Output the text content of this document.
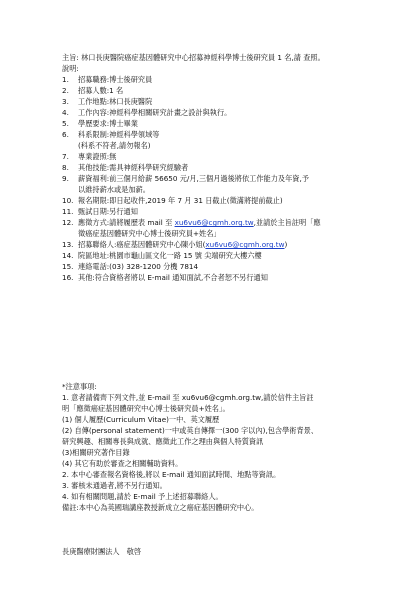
主旨: 林口長庚醫院癌症基因體研究中心招募神經科學博士後研究員 1 名,請 查照。

說明:

1.	招募職務:博士後研究員
2.	招募人數:1 名
3.	工作地點:林口長庚醫院
4.	工作內容:神經科學相關研究計畫之設計與執行。
5.	學歷要求:博士畢業
6.	科系限制:神經科學領域等
(科系不符者,請勿報名)
7.	專業證照:無
8.	其他技能:需具神經科學研究經驗者
9.	薪資福利:前三個月給薪 56650 元/月,三個月過後將依工作能力及年資,予
以維持薪水或是加薪。
10. 報名期限:即日起收件,2019 年 7 月 31 日截止(徵滿將提前截止)
11. 甄試日期:另行通知
12. 應徵方式:請將履歷表 mail 至 xu6vu6@cgmh.org.tw,並請於主旨註明「應
徵癌症基因體研究中心博士後研究員+姓名」
13. 招募聯絡人:癌症基因體研究中心陳小姐(xu6vu6@cgmh.org.tw)
14. 院區地址:桃園市龜山區文化一路 15 號 尖端研究大樓六樓
15. 連絡電話:(03) 328-1200 分機 7814
16. 其他:符合資格者將以 E-mail 通知面試,不合者恕不另行通知

*注意事項:

1. 意者請備齊下列文件,並 E-mail 至 xu6vu6@cgmh.org.tw,請於信件主旨註

明「應徵癌症基因體研究中心博士後研究員+姓名」。

(1) 個人履歷(Curriculum Vitae)一中、英文履歷

(2) 自傳(personal statement)一中或英自傳擇一(300 字以內),包含學術背景、

研究興趣、相關專長與成就、應徵此工作之理由與個人特質資訊

(3)相關研究著作目錄

(4) 其它有助於審查之相關輔助資料。

2. 本中心審查報名資格後,將以 E-mail 通知面試時間、地點等資訊。

3. 審核未通過者,將不另行通知。

4. 如有相關問題,請於 E-mail 予上述招募聯絡人。

備註:本中心為英國瑞講座教授新成立之癌症基因體研究中心。

長庚醫療財團法人　敬啓
